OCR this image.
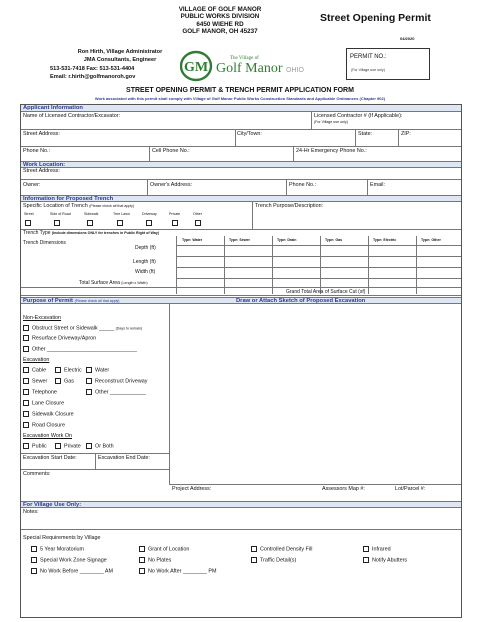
VILLAGE OF GOLF MANOR
PUBLIC WORKS DIVISION
6450 WIEHE RD
GOLF MANOR, OH 45237
Street Opening Permit
04/2020
Ron Hirth, Village Administrator
JMA Consultants, Engineer
513-531-7418 Fax: 513-531-4404
Email: r.hirth@golfmanoroh.gov
GM
The Village of
Golf Manor OHIO
PERMIT NO.:
(For Village use only)
STREET OPENING PERMIT & TRENCH PERMIT APPLICATION FORM
Work associated with this permit shall comply with Village of Golf Manor Public Works Construction Standards and Applicable Ordinances (Chapter 902)
Applicant Information
Name of Licensed Contractor/Excavator:	Licensed Contractor # (If Applicable):
(For Village use only)
Street Address:	City/Town:	State:	ZIP:
Phone No.:	Cell Phone No.:	24-Hr Emergency Phone No.:
Work Location:
Street Address:
Owner:	Owner's Address:	Phone No.:	Email:
Information for Proposed Trench
Specific Location of Trench (Please check all that apply)	Trench Purpose/Description:
Street	Side of Road	Sidewalk	Tree Lawn	Driveway	Private	Other
Trench Type (Include dimensions ONLY for trenches in Public Right of Way)
Trench Dimensions	Type: Water	Type: Sewer	Type: Drain	Type: Gas	Type: Electric	Type: Other
Depth (ft)
Length (ft)
Width (ft)
Total Surface Area (Length x Width)
Grand Total Area of Surface Cut (sf)
Purpose of Permit (Please check all that apply)	Draw or Attach Sketch of Proposed Excavation
Non-Excavation
Obstruct Street or Sidewalk _____ (Days to remain)
Resurface Driveway/Apron
Other ______________________________
Excavation
Cable	Electric	Water
Sewer	Gas	Reconstruct Driveway
Telephone	Other ____________
Lane Closure
Sidewalk Closure
Road Closure
Excavation Work On
Public	Private	Or Both
Excavation Start Date:	Excavation End Date:
Comments:
Project Address:	Assessors Map #:	Lot/Parcel #:
For Village Use Only:
Notes:
Special Requirements by Village
5 Year Moratorium	Grant of Location	Controlled Density Fill	Infrared
Special Work Zone Signage	No Plates	Traffic Detail(s)	Notify Abutters
No Work Before ________ AM	No Work After ________ PM
